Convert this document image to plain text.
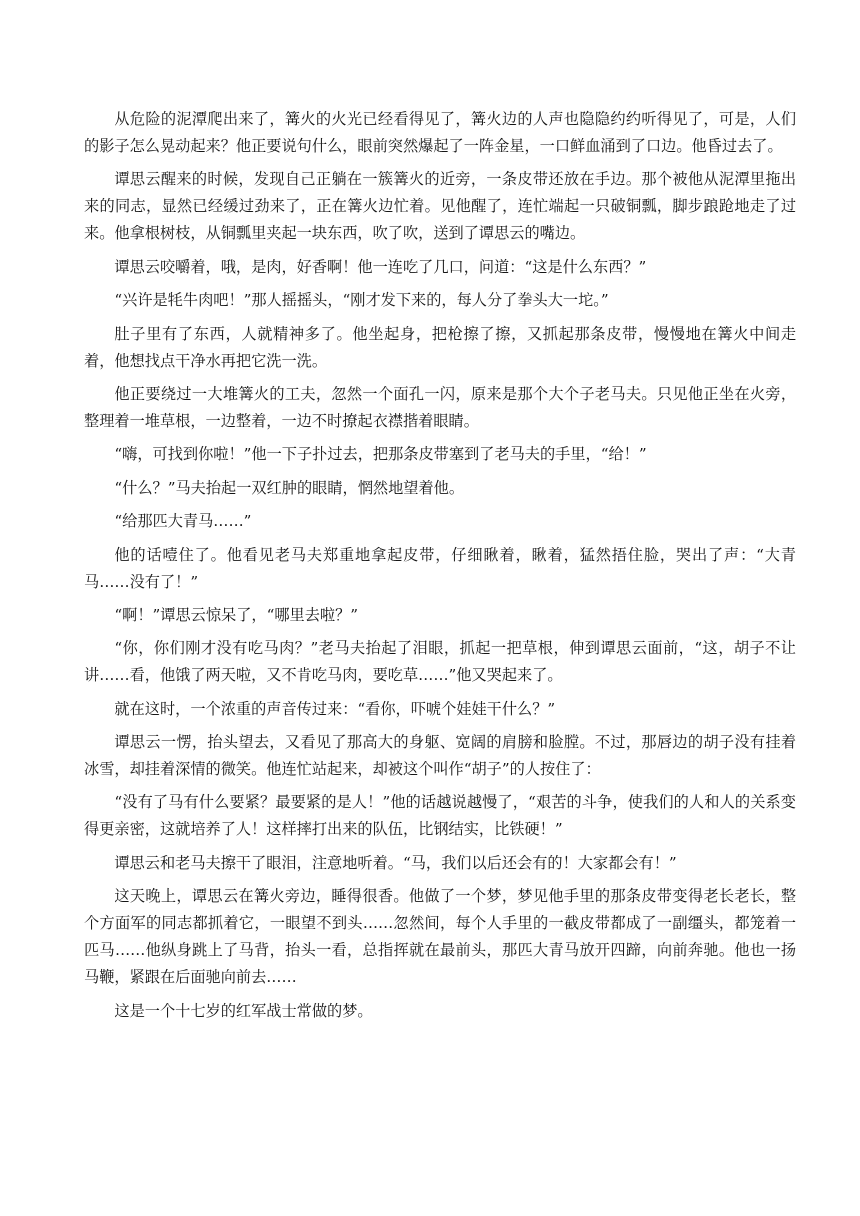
从危险的泥潭爬出来了，篝火的火光已经看得见了，篝火边的人声也隐隐约约听得见了，可是，人们的影子怎么晃动起来？他正要说句什么，眼前突然爆起了一阵金星，一口鲜血涌到了口边。他昏过去了。

谭思云醒来的时候，发现自己正躺在一簇篝火的近旁，一条皮带还放在手边。那个被他从泥潭里拖出来的同志，显然已经缓过劲来了，正在篝火边忙着。见他醒了，连忙端起一只破铜瓢，脚步踉跄地走了过来。他拿根树枝，从铜瓢里夹起一块东西，吹了吹，送到了谭思云的嘴边。

谭思云咬嚼着，哦，是肉，好香啊！他一连吃了几口，问道：“这是什么东西？”

“兴许是牦牛肉吧！”那人摇摇头，“刚才发下来的，每人分了拳头大一坨。”

肚子里有了东西，人就精神多了。他坐起身，把枪擦了擦，又抓起那条皮带，慢慢地在篝火中间走着，他想找点干净水再把它洗一洗。

他正要绕过一大堆篝火的工夫，忽然一个面孔一闪，原来是那个大个子老马夫。只见他正坐在火旁，整理着一堆草根，一边整着，一边不时撩起衣襟揩着眼睛。

“嗨，可找到你啦！”他一下子扑过去，把那条皮带塞到了老马夫的手里，“给！”

“什么？”马夫抬起一双红肿的眼睛，惘然地望着他。

“给那匹大青马……”

他的话噎住了。他看见老马夫郑重地拿起皮带，仔细瞅着，瞅着，猛然捂住脸，哭出了声：“大青马……没有了！”

“啊！”谭思云惊呆了，“哪里去啦？”

“你，你们刚才没有吃马肉？”老马夫抬起了泪眼，抓起一把草根，伸到谭思云面前，“这，胡子不让讲……看，他饿了两天啦，又不肯吃马肉，要吃草……”他又哭起来了。

就在这时，一个浓重的声音传过来：“看你，吓唬个娃娃干什么？”

谭思云一愣，抬头望去，又看见了那高大的身躯、宽阔的肩膀和脸膛。不过，那唇边的胡子没有挂着冰雪，却挂着深情的微笑。他连忙站起来，却被这个叫作“胡子”的人按住了：

“没有了马有什么要紧？最要紧的是人！”他的话越说越慢了，“艰苦的斗争，使我们的人和人的关系变得更亲密，这就培养了人！这样摔打出来的队伍，比钢结实，比铁硬！”

谭思云和老马夫擦干了眼泪，注意地听着。“马，我们以后还会有的！大家都会有！”

这天晚上，谭思云在篝火旁边，睡得很香。他做了一个梦，梦见他手里的那条皮带变得老长老长，整个方面军的同志都抓着它，一眼望不到头……忽然间，每个人手里的一截皮带都成了一副缰头，都笼着一匹马……他纵身跳上了马背，抬头一看，总指挥就在最前头，那匹大青马放开四蹄，向前奔驰。他也一扬马鞭，紧跟在后面驰向前去……

这是一个十七岁的红军战士常做的梦。
